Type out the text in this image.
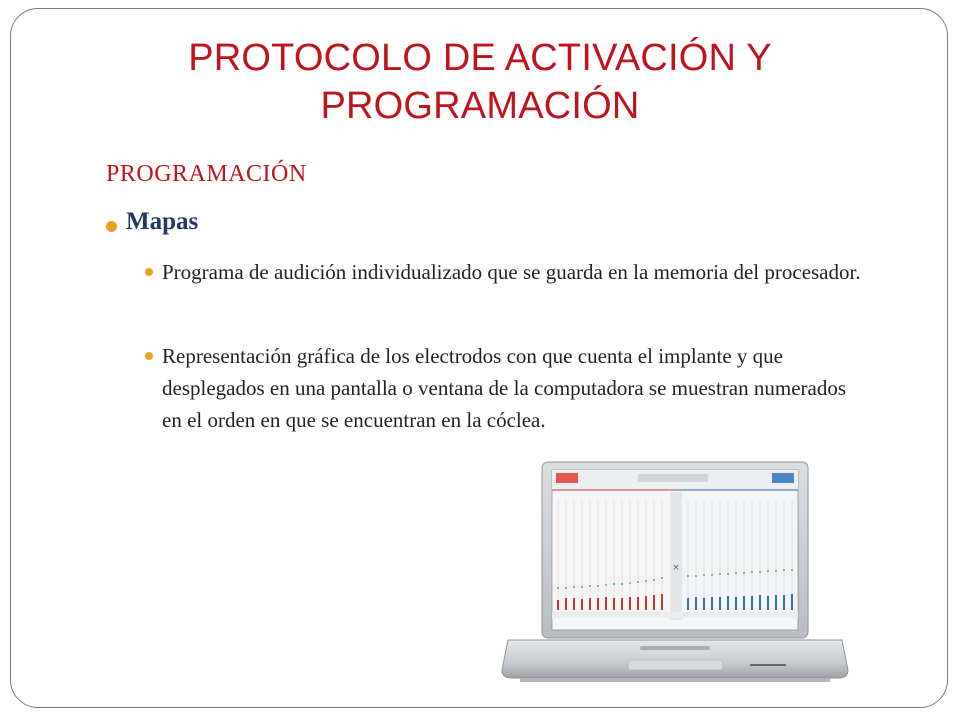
PROTOCOLO DE ACTIVACIÓN Y
PROGRAMACIÓN
PROGRAMACIÓN
Mapas
Programa de audición individualizado que se guarda en la memoria del procesador.
Representación gráfica de los electrodos con que cuenta el implante y que desplegados en una pantalla o ventana de la computadora se muestran numerados en el orden en que se encuentran en la cóclea.
×
